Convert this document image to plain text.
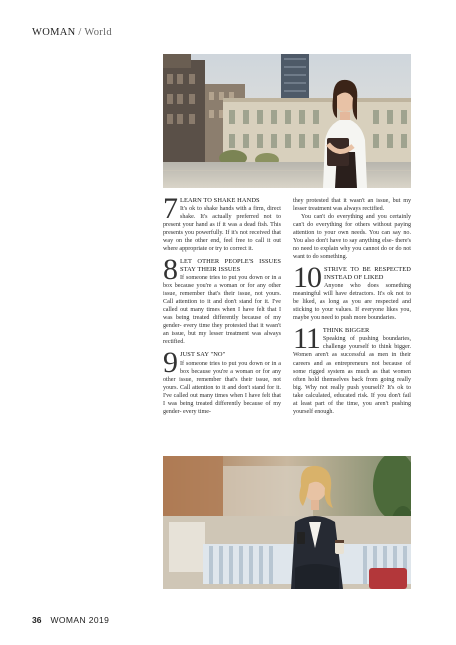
WOMAN / World
7 LEARN TO SHAKE HANDS

It's ok to shake hands with a firm, direct shake. It's actually preferred not to present your hand as if it was a dead fish. This presents you powerfully. If it's not received that way on the other end, feel free to call it out where appropriate or try to correct it.

8 LET OTHER PEOPLE'S ISSUES STAY THEIR ISSUES

If someone tries to put you down or in a box because you're a woman or for any other issue, remember that's their issue, not yours. Call attention to it and don't stand for it. I've called out many times when I have felt that I was being treated differently because of my gender- every time they protested that it wasn't an issue, but my lesser treatment was always rectified.

9 JUST SAY "NO"

If someone tries to put you down or in a box because you're a woman or for any other issue, remember that's their issue, not yours. Call attention to it and don't stand for it. I've called out many times when I have felt that I was being treated differently because of my gender- every time-

they protested that it wasn't an issue, but my lesser treatment was always rectified.

You can't do everything and you certainly can't do everything for others without paying attention to your own needs. You can say no. You also don't have to say anything else- there's no need to explain why you cannot do or do not want to do something.

10 STRIVE TO BE RESPECTED INSTEAD OF LIKED

Anyone who does something meaningful will have detractors. It's ok not to be liked, as long as you are respected and sticking to your values. If everyone likes you, maybe you need to push more boundaries.

11 THINK BIGGER

Speaking of pushing boundaries, challenge yourself to think bigger. Women aren't as successful as men in their careers and as entrepreneurs not because of some rigged system as much as that women often hold themselves back from going really big. Why not really push yourself? It's ok to take calculated, educated risk. If you don't fail at least part of the time, you aren't pushing yourself enough.

36 WOMAN 2019
